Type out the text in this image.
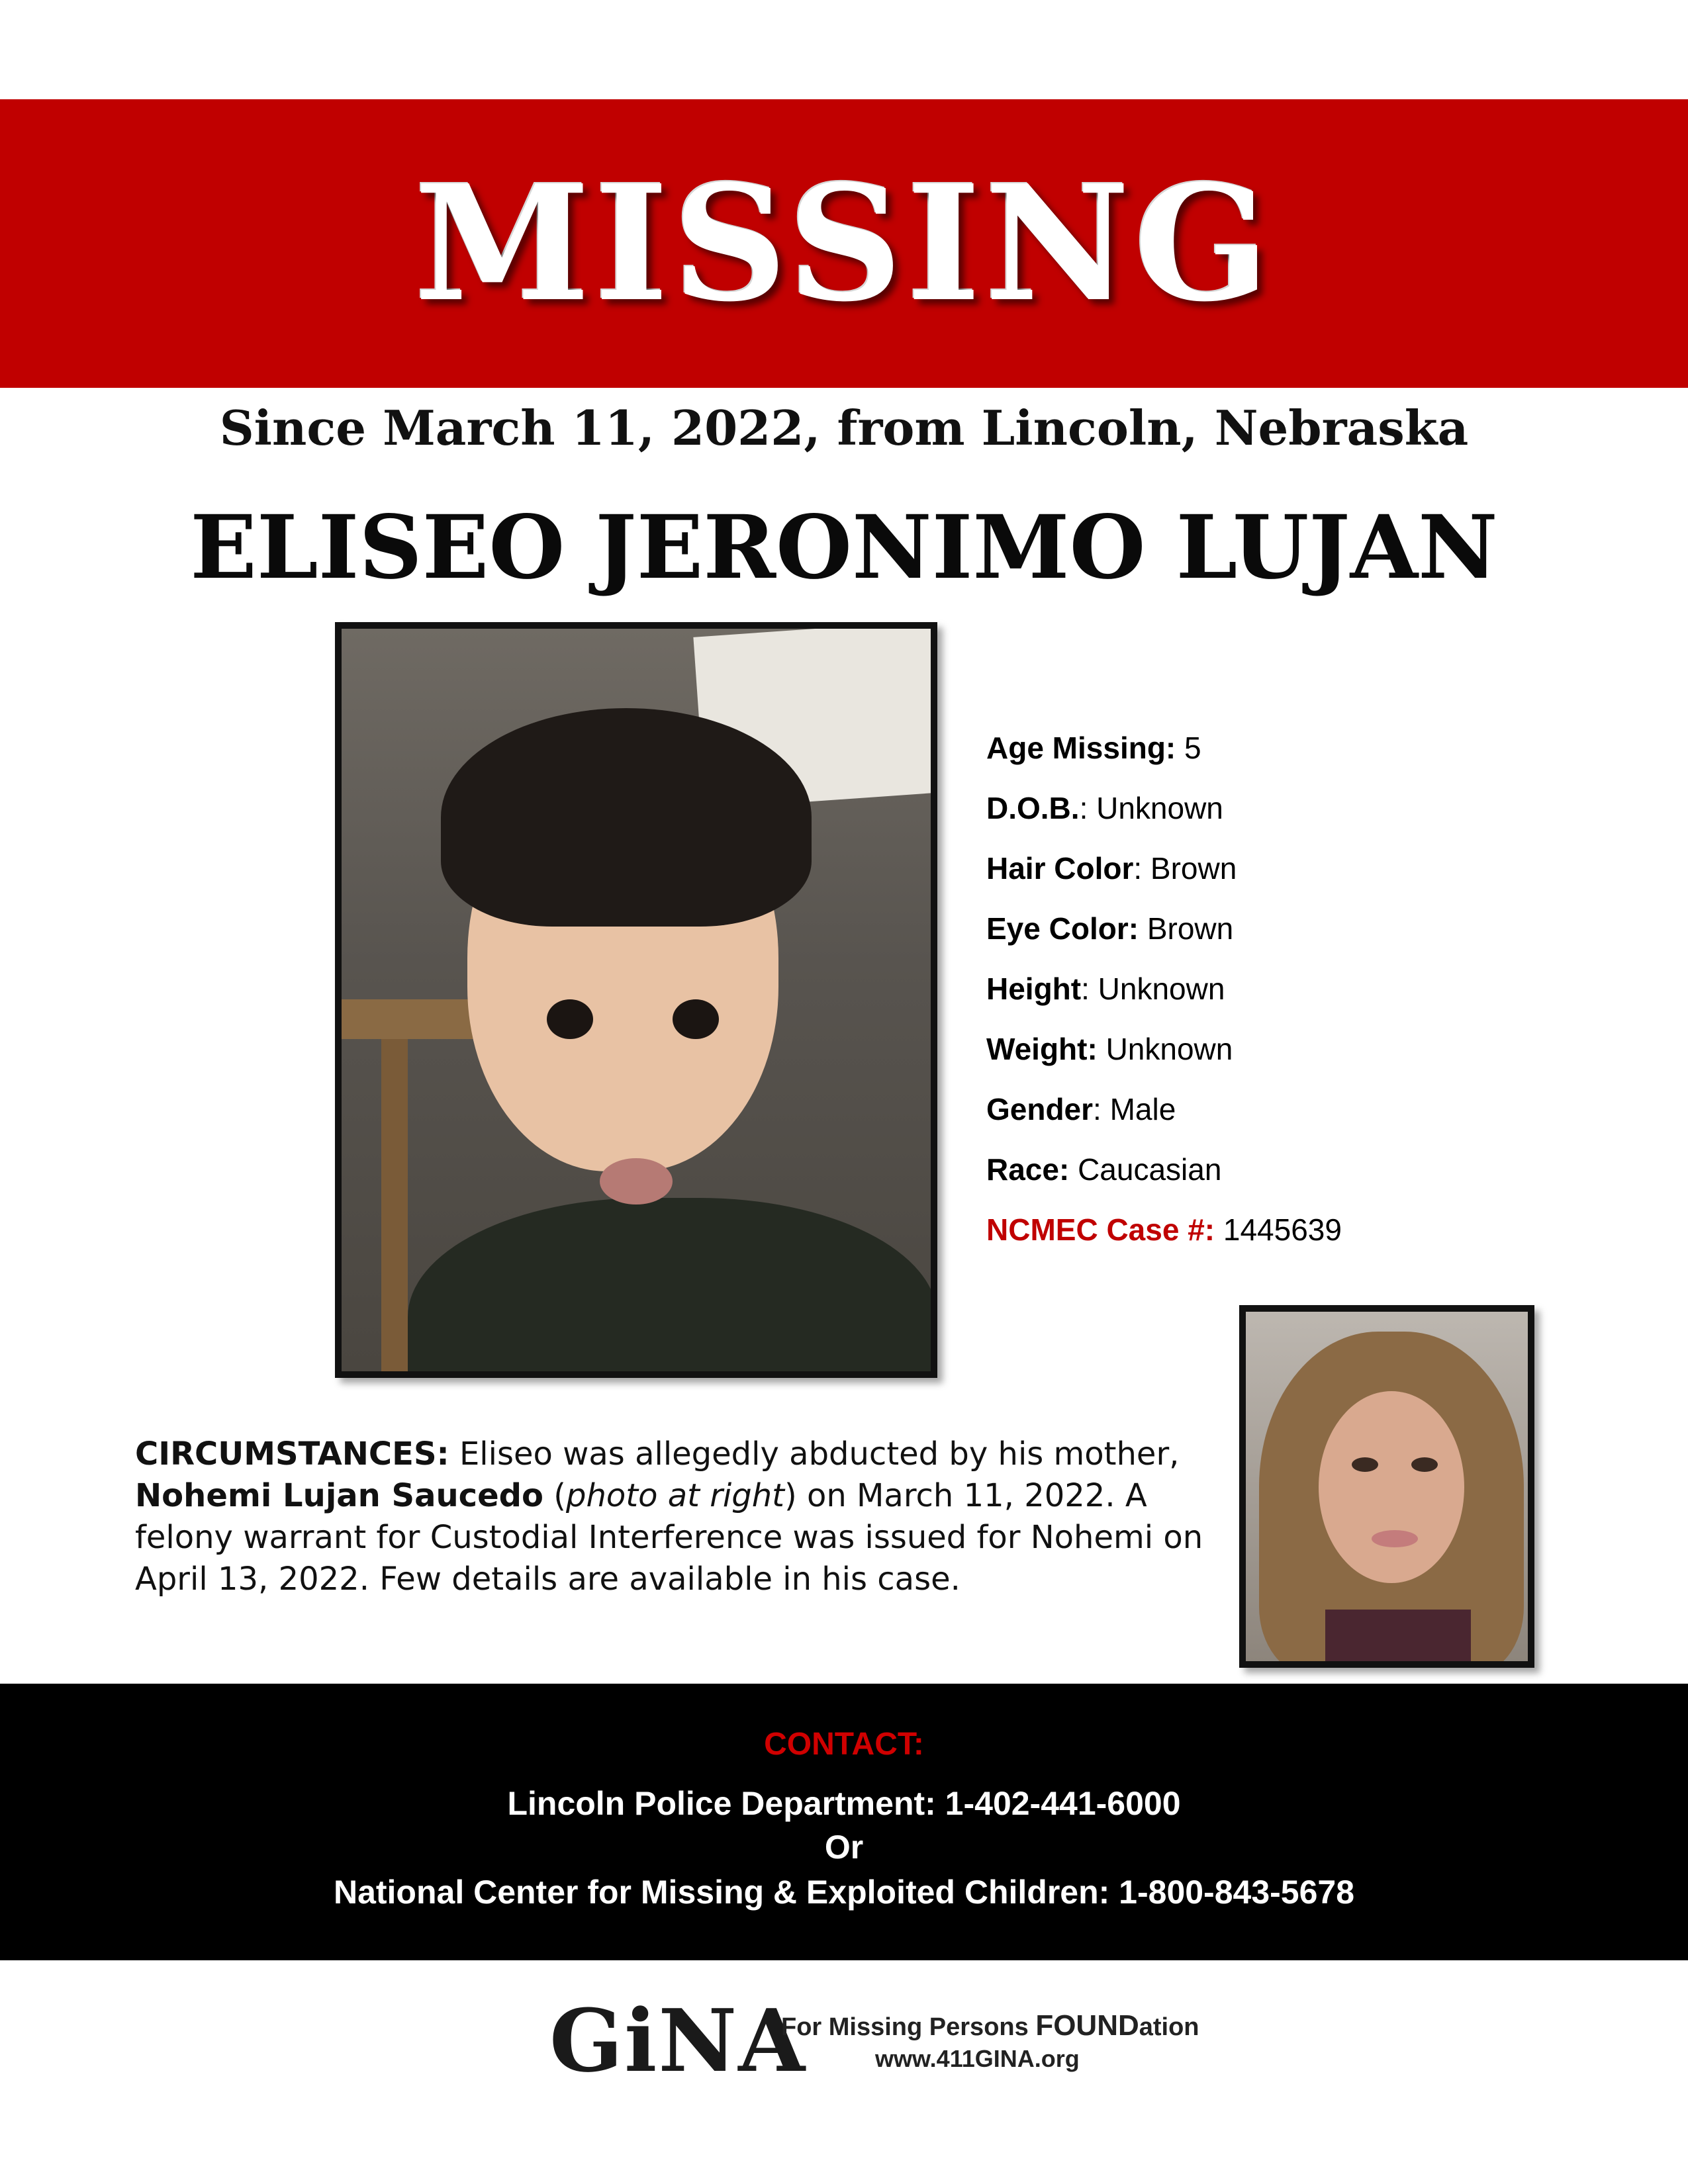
MISSING
Since March 11, 2022, from Lincoln, Nebraska
ELISEO JERONIMO LUJAN
Age Missing: 5
D.O.B.: Unknown
Hair Color: Brown
Eye Color: Brown
Height: Unknown
Weight: Unknown
Gender: Male
Race: Caucasian
NCMEC Case #: 1445639
CIRCUMSTANCES: Eliseo was allegedly abducted by his mother, Nohemi Lujan Saucedo (photo at right) on March 11, 2022. A felony warrant for Custodial Interference was issued for Nohemi on April 13, 2022. Few details are available in his case.
CONTACT:
Lincoln Police Department: 1-402-441-6000
Or
National Center for Missing & Exploited Children: 1-800-843-5678
GiNA
For Missing Persons FOUNDation
www.411GINA.org
